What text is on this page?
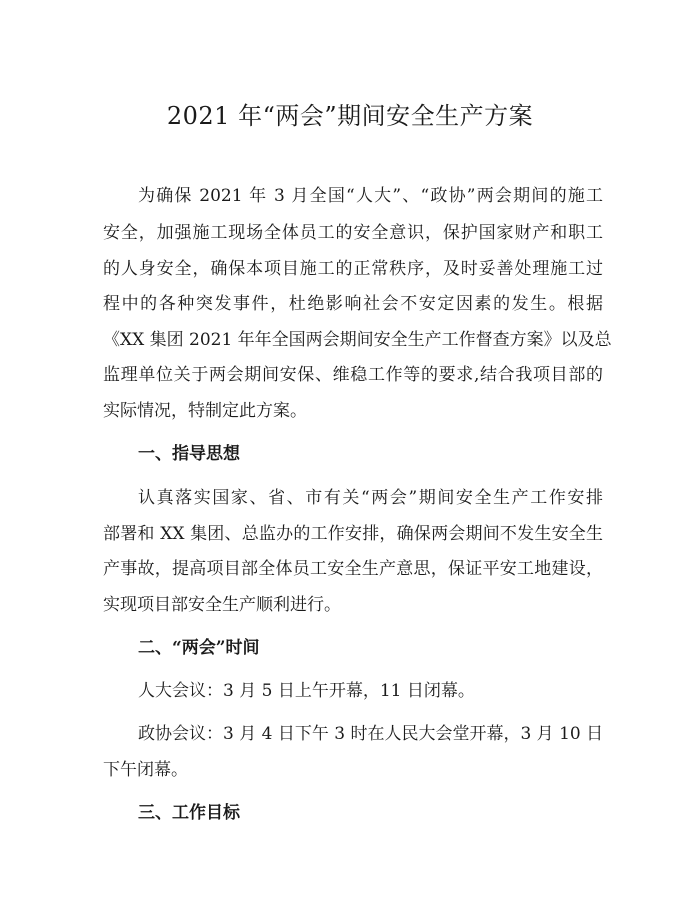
2021 年“两会”期间安全生产方案
为确保 2021 年 3 月全国“人大”、“政协”两会期间的施工
安全，加强施工现场全体员工的安全意识，保护国家财产和职工
的人身安全，确保本项目施工的正常秩序，及时妥善处理施工过
程中的各种突发事件，杜绝影响社会不安定因素的发生。根据
《XX 集团 2021 年年全国两会期间安全生产工作督查方案》以及总
监理单位关于两会期间安保、维稳工作等的要求,结合我项目部的
实际情况，特制定此方案。
一、指导思想
认真落实国家、省、市有关“两会”期间安全生产工作安排
部署和 XX 集团、总监办的工作安排，确保两会期间不发生安全生
产事故，提高项目部全体员工安全生产意思，保证平安工地建设，
实现项目部安全生产顺利进行。
二、“两会”时间
人大会议：3 月 5 日上午开幕，11 日闭幕。
政协会议：3 月 4 日下午 3 时在人民大会堂开幕，3 月 10 日
下午闭幕。
三、工作目标
